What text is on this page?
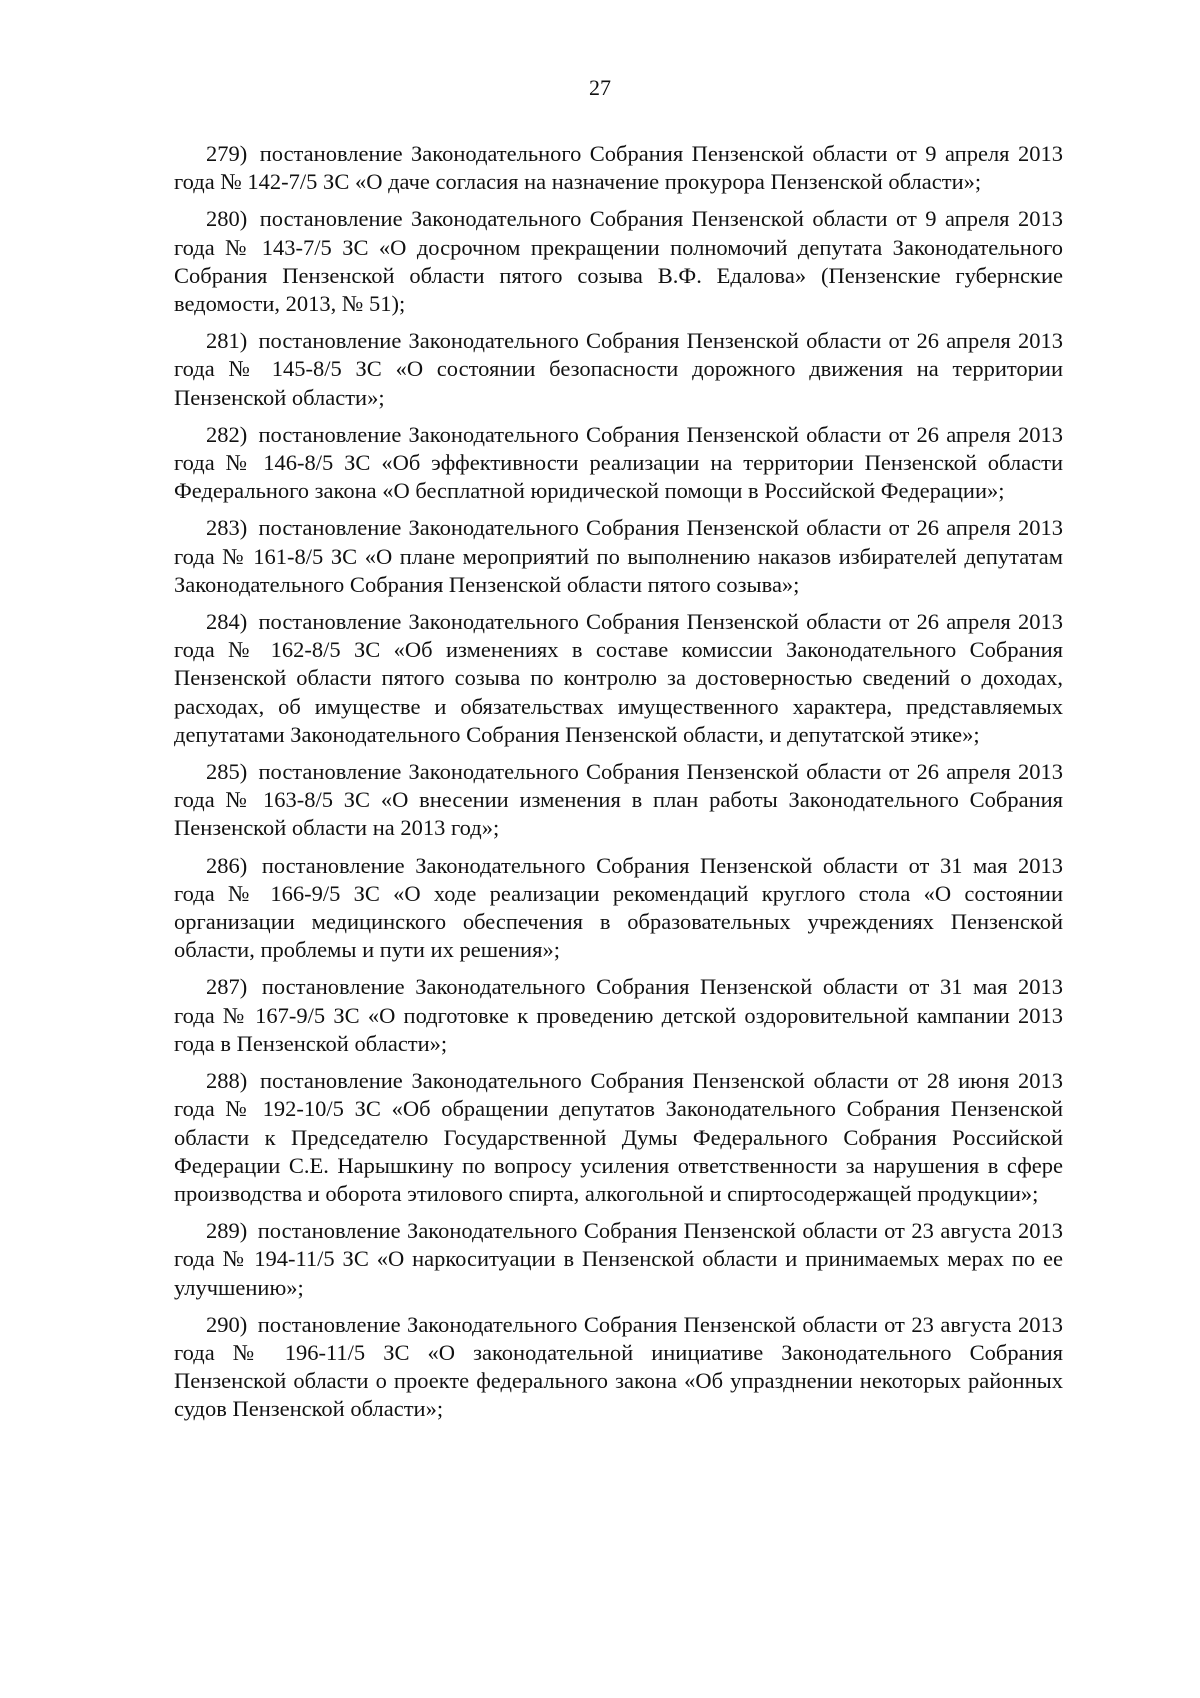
27

279) постановление Законодательного Собрания Пензенской области от 9 апреля 2013 года № 142-7/5 ЗС «О даче согласия на назначение прокурора Пензенской области»;

280) постановление Законодательного Собрания Пензенской области от 9 апреля 2013 года № 143-7/5 ЗС «О досрочном прекращении полномочий депутата Законодательного Собрания Пензенской области пятого созыва В.Ф. Едалова» (Пензенские губернские ведомости, 2013, № 51);

281) постановление Законодательного Собрания Пензенской области от 26 апреля 2013 года № 145-8/5 ЗС «О состоянии безопасности дорожного движения на территории Пензенской области»;

282) постановление Законодательного Собрания Пензенской области от 26 апреля 2013 года № 146-8/5 ЗС «Об эффективности реализации на территории Пензенской области Федерального закона «О бесплатной юридической помощи в Российской Федерации»;

283) постановление Законодательного Собрания Пензенской области от 26 апреля 2013 года № 161-8/5 ЗС «О плане мероприятий по выполнению наказов избирателей депутатам Законодательного Собрания Пензенской области пятого созыва»;

284) постановление Законодательного Собрания Пензенской области от 26 апреля 2013 года № 162-8/5 ЗС «Об изменениях в составе комиссии Законодательного Собрания Пензенской области пятого созыва по контролю за достоверностью сведений о доходах, расходах, об имуществе и обязательствах имущественного характера, представляемых депутатами Законодательного Собрания Пензенской области, и депутатской этике»;

285) постановление Законодательного Собрания Пензенской области от 26 апреля 2013 года № 163-8/5 ЗС «О внесении изменения в план работы Законодательного Собрания Пензенской области на 2013 год»;

286) постановление Законодательного Собрания Пензенской области от 31 мая 2013 года № 166-9/5 ЗС «О ходе реализации рекомендаций круглого стола «О состоянии организации медицинского обеспечения в образовательных учреждениях Пензенской области, проблемы и пути их решения»;

287) постановление Законодательного Собрания Пензенской области от 31 мая 2013 года № 167-9/5 ЗС «О подготовке к проведению детской оздоровительной кампании 2013 года в Пензенской области»;

288) постановление Законодательного Собрания Пензенской области от 28 июня 2013 года № 192-10/5 ЗС «Об обращении депутатов Законодательного Собрания Пензенской области к Председателю Государственной Думы Федерального Собрания Российской Федерации С.Е. Нарышкину по вопросу усиления ответственности за нарушения в сфере производства и оборота этилового спирта, алкогольной и спиртосодержащей продукции»;

289) постановление Законодательного Собрания Пензенской области от 23 августа 2013 года № 194-11/5 ЗС «О наркоситуации в Пензенской области и принимаемых мерах по ее улучшению»;

290) постановление Законодательного Собрания Пензенской области от 23 августа 2013 года № 196-11/5 ЗС «О законодательной инициативе Законодательного Собрания Пензенской области о проекте федерального закона «Об упразднении некоторых районных судов Пензенской области»;
